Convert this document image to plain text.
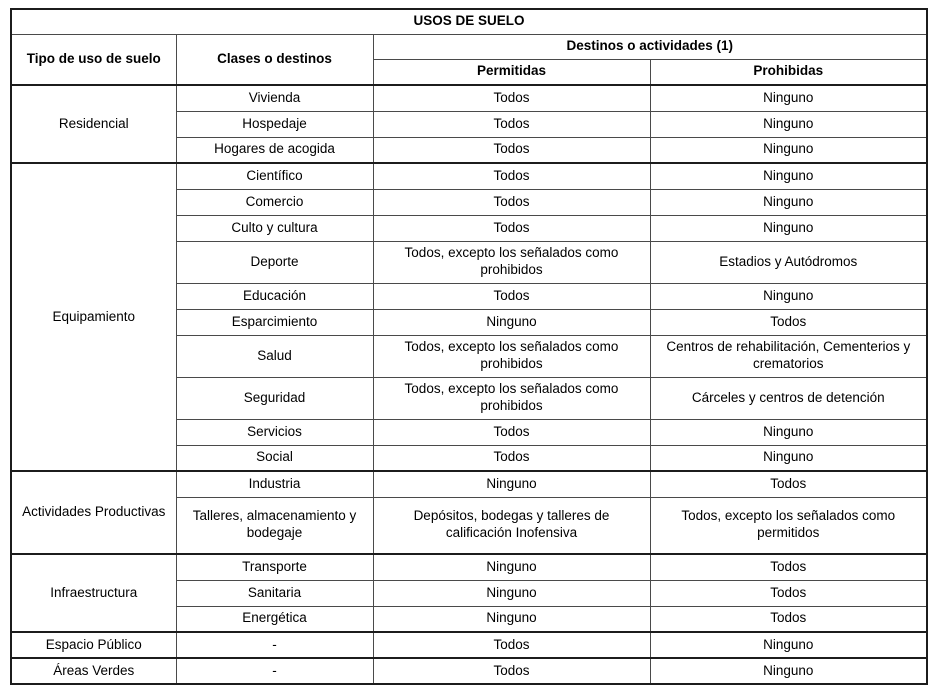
USOS DE SUELO			
Tipo de uso de suelo	Clases o destinos	Destinos o actividades (1)	
		Permitidas	Prohibidas
Residencial	Vivienda	Todos	Ninguno
	Hospedaje	Todos	Ninguno
	Hogares de acogida	Todos	Ninguno
Equipamiento	Científico	Todos	Ninguno
	Comercio	Todos	Ninguno
	Culto y cultura	Todos	Ninguno
	Deporte	Todos, excepto los señalados como prohibidos	Estadios y Autódromos
	Educación	Todos	Ninguno
	Esparcimiento	Ninguno	Todos
	Salud	Todos, excepto los señalados como prohibidos	Centros de rehabilitación, Cementerios y crematorios
	Seguridad	Todos, excepto los señalados como prohibidos	Cárceles y centros de detención
	Servicios	Todos	Ninguno
	Social	Todos	Ninguno
Actividades Productivas	Industria	Ninguno	Todos
	Talleres, almacenamiento y bodegaje	Depósitos, bodegas y talleres de calificación Inofensiva	Todos, excepto los señalados como permitidos
Infraestructura	Transporte	Ninguno	Todos
	Sanitaria	Ninguno	Todos
	Energética	Ninguno	Todos
Espacio Público	-	Todos	Ninguno
Áreas Verdes	-	Todos	Ninguno
